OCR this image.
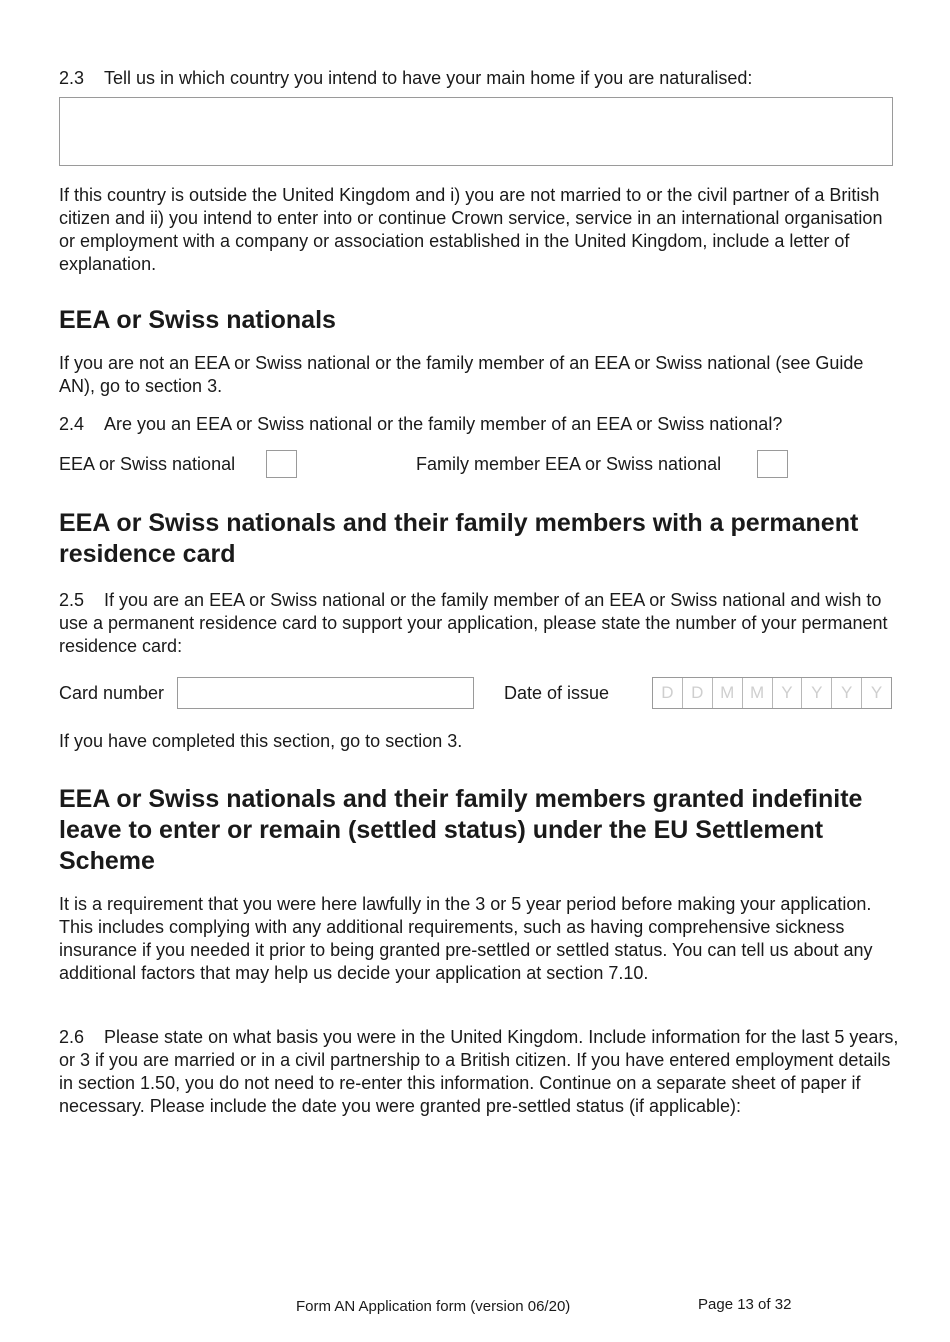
2.3 Tell us in which country you intend to have your main home if you are naturalised:

If this country is outside the United Kingdom and i) you are not married to or the civil partner of a British citizen and ii) you intend to enter into or continue Crown service, service in an international organisation or employment with a company or association established in the United Kingdom, include a letter of explanation.

EEA or Swiss nationals

If you are not an EEA or Swiss national or the family member of an EEA or Swiss national (see Guide AN), go to section 3.

2.4 Are you an EEA or Swiss national or the family member of an EEA or Swiss national?

EEA or Swiss national	Family member EEA or Swiss national

EEA or Swiss nationals and their family members with a permanent residence card

2.5 If you are an EEA or Swiss national or the family member of an EEA or Swiss national and wish to use a permanent residence card to support your application, please state the number of your permanent residence card:

Card number	Date of issue	D	D M M	Y	Y	Y	Y

If you have completed this section, go to section 3.

EEA or Swiss nationals and their family members granted indefinite leave to enter or remain (settled status) under the EU Settlement Scheme

It is a requirement that you were here lawfully in the 3 or 5 year period before making your application. This includes complying with any additional requirements, such as having comprehensive sickness insurance if you needed it prior to being granted pre-settled or settled status. You can tell us about any additional factors that may help us decide your application at section 7.10.

2.6 Please state on what basis you were in the United Kingdom. Include information for the last 5 years, or 3 if you are married or in a civil partnership to a British citizen. If you have entered employment details in section 1.50, you do not need to re-enter this information. Continue on a separate sheet of paper if necessary. Please include the date you were granted pre-settled status (if applicable):

Form AN Application form (version 06/20)	Page 13 of 32
